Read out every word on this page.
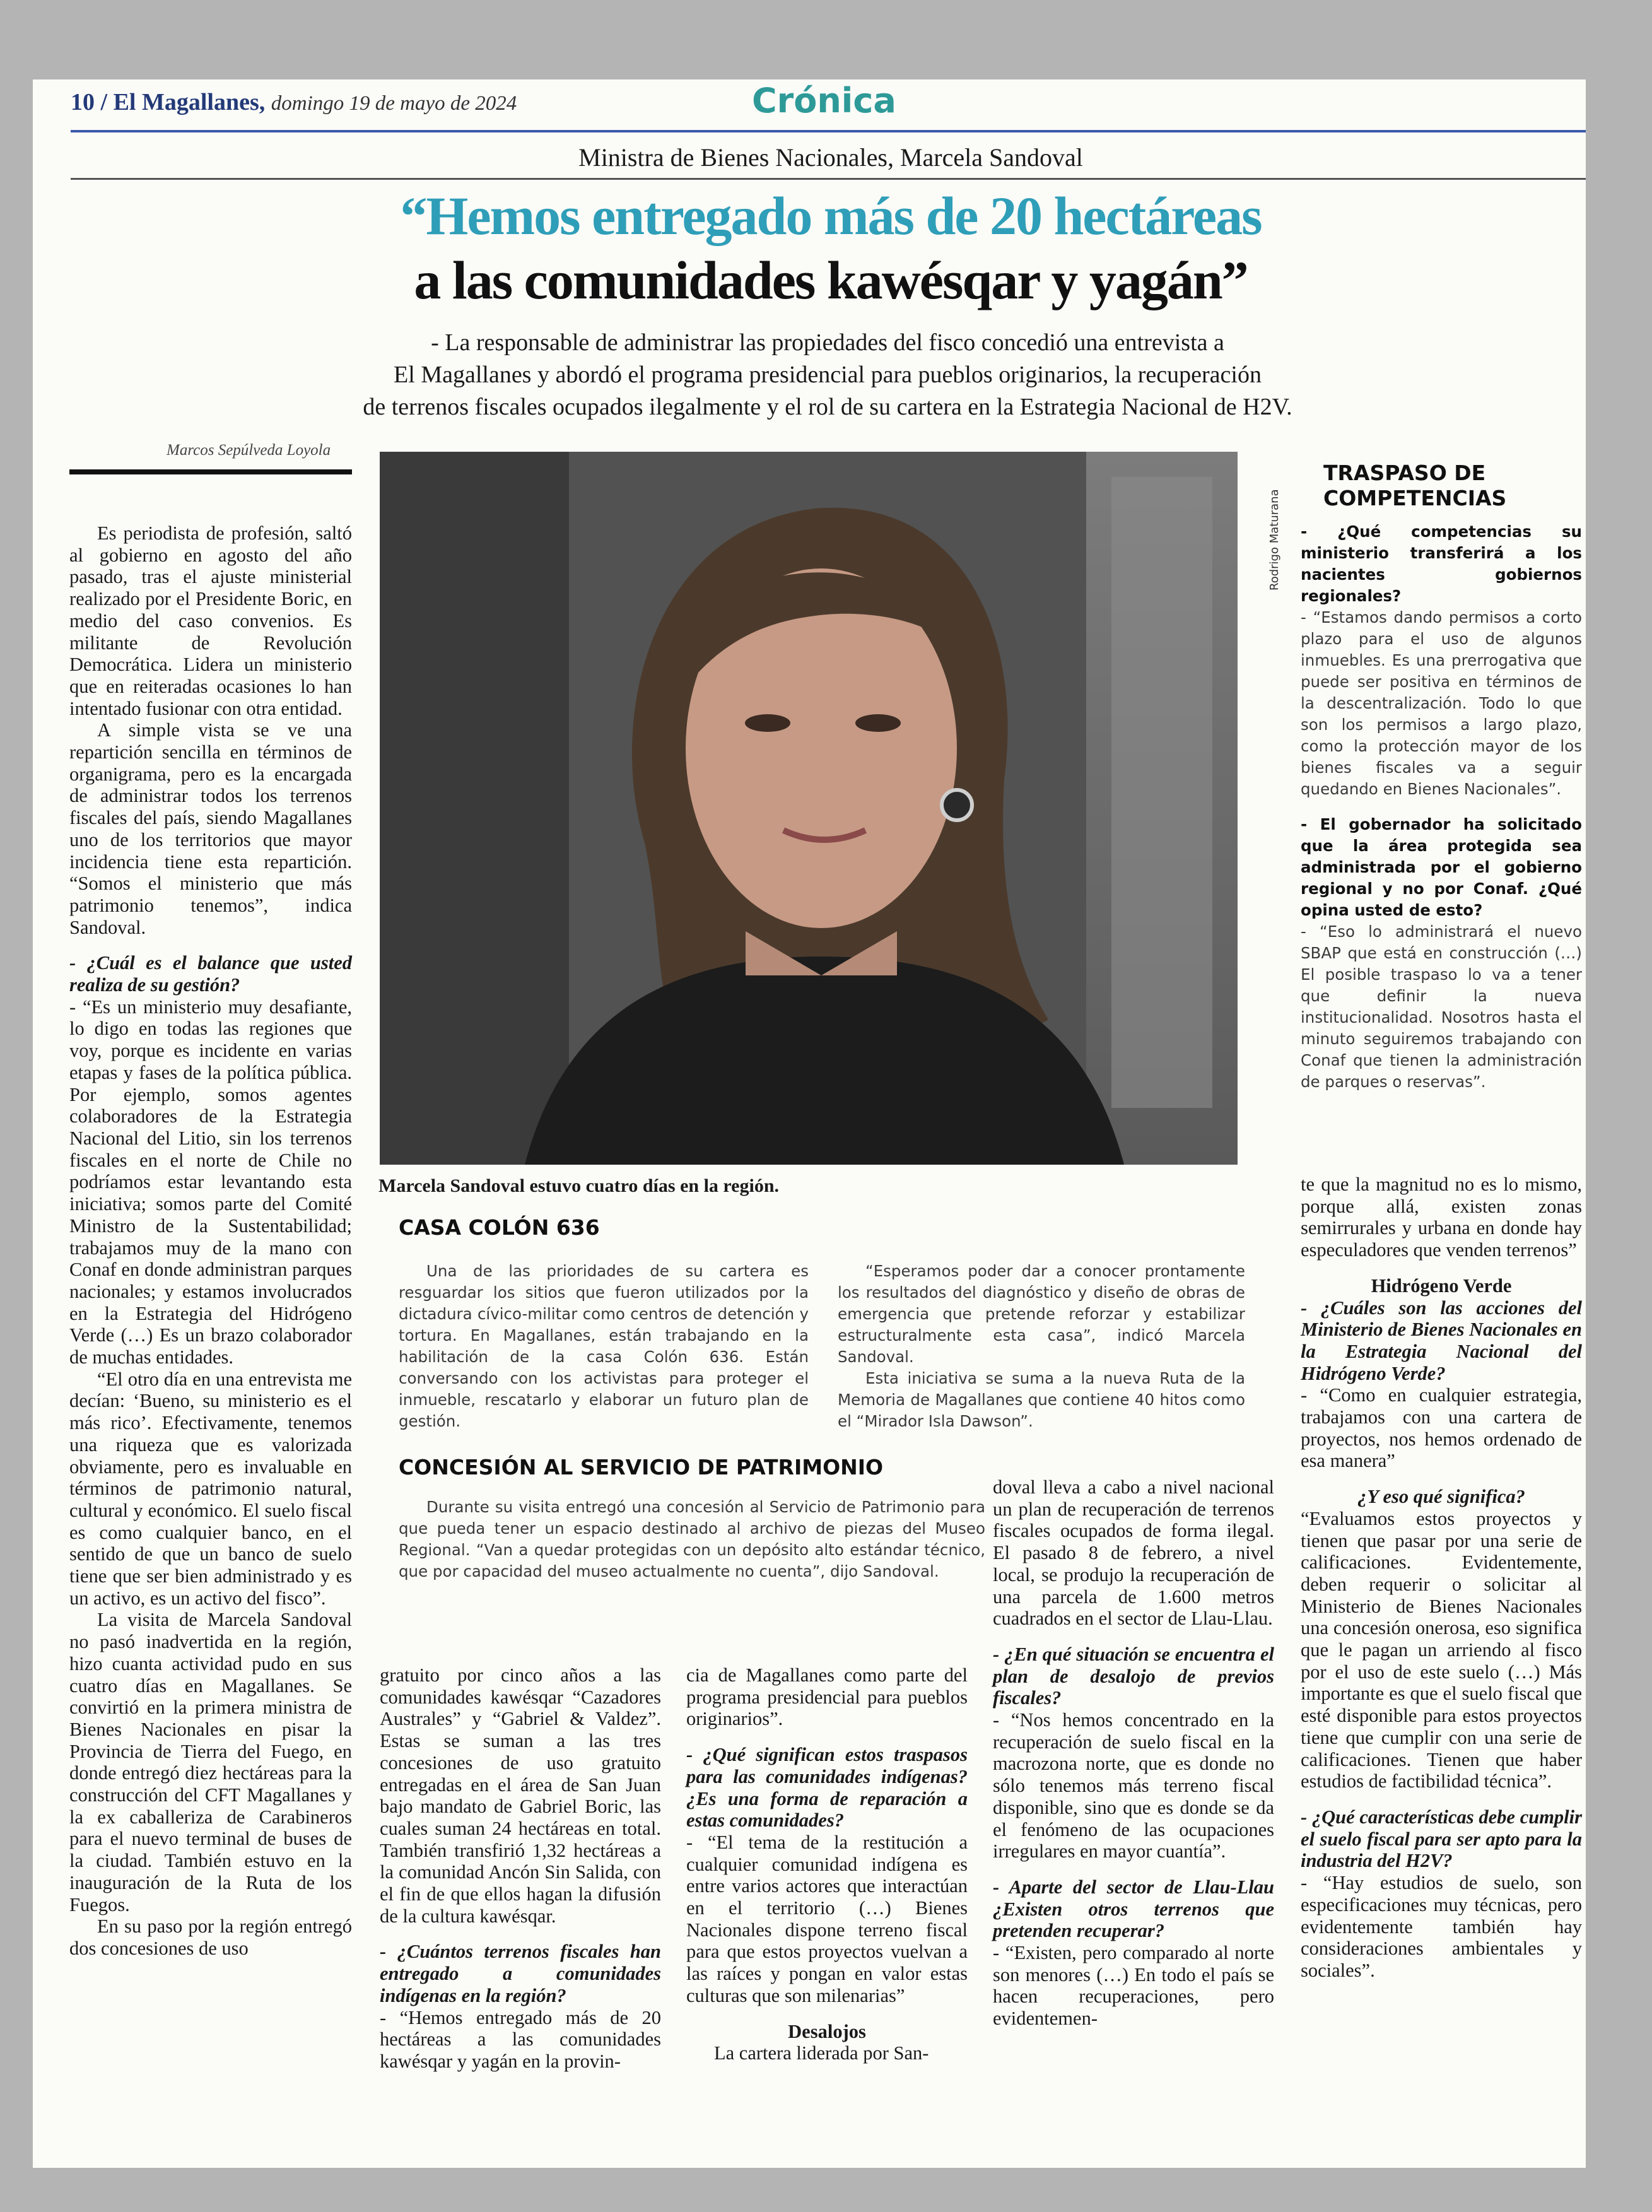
10 / El Magallanes, domingo 19 de mayo de 2024	Crónica
Ministra de Bienes Nacionales, Marcela Sandoval
“Hemos entregado más de 20 hectáreas
a las comunidades kawésqar y yagán”
- La responsable de administrar las propiedades del fisco concedió una entrevista a
El Magallanes y abordó el programa presidencial para pueblos originarios, la recuperación
de terrenos fiscales ocupados ilegalmente y el rol de su cartera en la Estrategia Nacional de H2V.
Marcos Sepúlveda Loyola

Es periodista de profesión, saltó al gobierno en agosto del año pasado, tras el ajuste ministerial realizado por el Presidente Boric, en medio del caso convenios. Es militante de Revolución Democrática. Lidera un ministerio que en reiteradas ocasiones lo han intentado fusionar con otra entidad.

A simple vista se ve una repartición sencilla en términos de organigrama, pero es la encargada de administrar todos los terrenos fiscales del país, siendo Magallanes uno de los territorios que mayor incidencia tiene esta repartición. “Somos el ministerio que más patrimonio tenemos”, indica Sandoval.

- ¿Cuál es el balance que usted realiza de su gestión?

- “Es un ministerio muy desafiante, lo digo en todas las regiones que voy, porque es incidente en varias etapas y fases de la política pública. Por ejemplo, somos agentes colaboradores de la Estrategia Nacional del Litio, sin los terrenos fiscales en el norte de Chile no podríamos estar levantando esta iniciativa; somos parte del Comité Ministro de la Sustentabilidad; trabajamos muy de la mano con Conaf en donde administran parques nacionales; y estamos involucrados en la Estrategia del Hidrógeno Verde (…) Es un brazo colaborador de muchas entidades.

“El otro día en una entrevista me decían: ‘Bueno, su ministerio es el más rico’. Efectivamente, tenemos una riqueza que es valorizada obviamente, pero es invaluable en términos de patrimonio natural, cultural y económico. El suelo fiscal es como cualquier banco, en el sentido de que un banco de suelo tiene que ser bien administrado y es un activo, es un activo del fisco”.

La visita de Marcela Sandoval no pasó inadvertida en la región, hizo cuanta actividad pudo en sus cuatro días en Magallanes. Se convirtió en la primera ministra de Bienes Nacionales en pisar la Provincia de Tierra del Fuego, en donde entregó diez hectáreas para la construcción del CFT Magallanes y la ex caballeriza de Carabineros para el nuevo terminal de buses de la ciudad. También estuvo en la inauguración de la Ruta de los Fuegos.

En su paso por la región entregó dos concesiones de uso

Rodrigo Maturana
Marcela Sandoval estuvo cuatro días en la región.
TRASPASO DE
COMPETENCIAS

- ¿Qué competencias su ministerio transferirá a los nacientes gobiernos regionales?

- “Estamos dando permisos a corto plazo para el uso de algunos inmuebles. Es una prerrogativa que puede ser positiva en términos de la descentralización. Todo lo que son los permisos a largo plazo, como la protección mayor de los bienes fiscales va a seguir quedando en Bienes Nacionales”.

- El gobernador ha solicitado que la área protegida sea administrada por el gobierno regional y no por Conaf. ¿Qué opina usted de esto?

- “Eso lo administrará el nuevo SBAP que está en construcción (…) El posible traspaso lo va a tener que definir la nueva institucionalidad. Nosotros hasta el minuto seguiremos trabajando con Conaf que tienen la administración de parques o reservas”.

te que la magnitud no es lo mismo, porque allá, existen zonas semirrurales y urbana en donde hay especuladores que venden terrenos”

Hidrógeno Verde

- ¿Cuáles son las acciones del Ministerio de Bienes Nacionales en la Estrategia Nacional del Hidrógeno Verde?

- “Como en cualquier estrategia, trabajamos con una cartera de proyectos, nos hemos ordenado de esa manera”

¿Y eso qué significa?

“Evaluamos estos proyectos y tienen que pasar por una serie de calificaciones. Evidentemente, deben requerir o solicitar al Ministerio de Bienes Nacionales una concesión onerosa, eso significa que le pagan un arriendo al fisco por el uso de este suelo (…) Más importante es que el suelo fiscal que esté disponible para estos proyectos tiene que cumplir con una serie de calificaciones. Tienen que haber estudios de factibilidad técnica”.

- ¿Qué características debe cumplir el suelo fiscal para ser apto para la industria del H2V?

- “Hay estudios de suelo, son especificaciones muy técnicas, pero evidentemente también hay consideraciones ambientales y sociales”.

CASA COLÓN 636

Una de las prioridades de su cartera es resguardar los sitios que fueron utilizados por la dictadura cívico-militar como centros de detención y tortura. En Magallanes, están trabajando en la habilitación de la casa Colón 636. Están conversando con los activistas para proteger el inmueble, rescatarlo y elaborar un futuro plan de gestión.

“Esperamos poder dar a conocer prontamente los resultados del diagnóstico y diseño de obras de emergencia que pretende reforzar y estabilizar estructuralmente esta casa”, indicó Marcela Sandoval.

Esta iniciativa se suma a la nueva Ruta de la Memoria de Magallanes que contiene 40 hitos como el “Mirador Isla Dawson”.

CONCESIÓN AL SERVICIO DE PATRIMONIO

Durante su visita entregó una concesión al Servicio de Patrimonio para que pueda tener un espacio destinado al archivo de piezas del Museo Regional. “Van a quedar protegidas con un depósito alto estándar técnico, que por capacidad del museo actualmente no cuenta”, dijo Sandoval.

gratuito por cinco años a las comunidades kawésqar “Cazadores Australes” y “Gabriel & Valdez”. Estas se suman a las tres concesiones de uso gratuito entregadas en el área de San Juan bajo mandato de Gabriel Boric, las cuales suman 24 hectáreas en total. También transfirió 1,32 hectáreas a la comunidad Ancón Sin Salida, con el fin de que ellos hagan la difusión de la cultura kawésqar.

- ¿Cuántos terrenos fiscales han entregado a comunidades indígenas en la región?

- “Hemos entregado más de 20 hectáreas a las comunidades kawésqar y yagán en la provin-

cia de Magallanes como parte del programa presidencial para pueblos originarios”.

- ¿Qué significan estos traspasos para las comunidades indígenas? ¿Es una forma de reparación a estas comunidades?

- “El tema de la restitución a cualquier comunidad indígena es entre varios actores que interactúan en el territorio (…) Bienes Nacionales dispone terreno fiscal para que estos proyectos vuelvan a las raíces y pongan en valor estas culturas que son milenarias”

Desalojos

La cartera liderada por San-

doval lleva a cabo a nivel nacional un plan de recuperación de terrenos fiscales ocupados de forma ilegal. El pasado 8 de febrero, a nivel local, se produjo la recuperación de una parcela de 1.600 metros cuadrados en el sector de Llau-Llau.

- ¿En qué situación se encuentra el plan de desalojo de previos fiscales?

- “Nos hemos concentrado en la recuperación de suelo fiscal en la macrozona norte, que es donde no sólo tenemos más terreno fiscal disponible, sino que es donde se da el fenómeno de las ocupaciones irregulares en mayor cuantía”.

- Aparte del sector de Llau-Llau ¿Existen otros terrenos que pretenden recuperar?

- “Existen, pero comparado al norte son menores (…) En todo el país se hacen recuperaciones, pero evidentemen-
